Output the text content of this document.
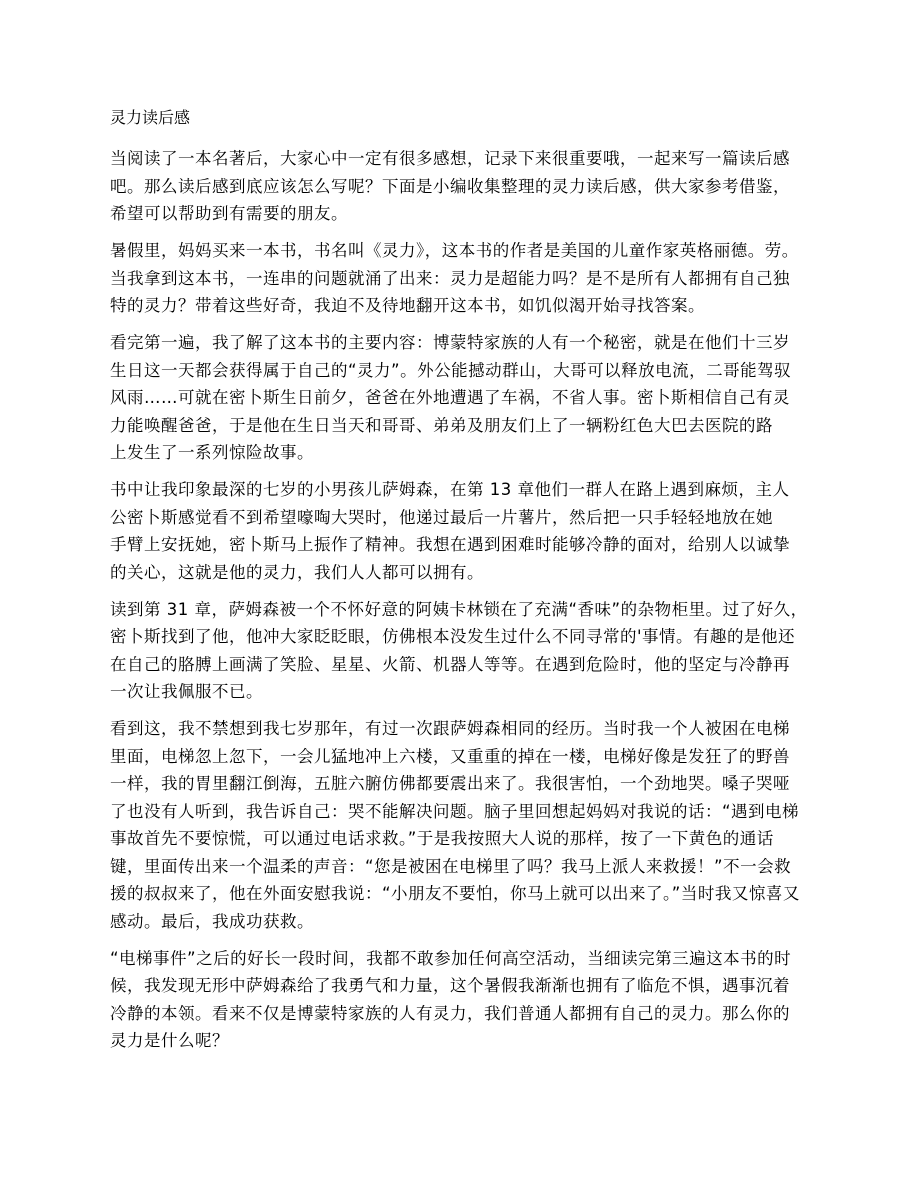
灵力读后感
当阅读了一本名著后，大家心中一定有很多感想，记录下来很重要哦，一起来写一篇读后感
吧。那么读后感到底应该怎么写呢？下面是小编收集整理的灵力读后感，供大家参考借鉴，
希望可以帮助到有需要的朋友。
暑假里，妈妈买来一本书，书名叫《灵力》，这本书的作者是美国的儿童作家英格丽德。劳。
当我拿到这本书，一连串的问题就涌了出来：灵力是超能力吗？是不是所有人都拥有自己独
特的灵力？带着这些好奇，我迫不及待地翻开这本书，如饥似渴开始寻找答案。
看完第一遍，我了解了这本书的主要内容：博蒙特家族的人有一个秘密，就是在他们十三岁
生日这一天都会获得属于自己的“灵力”。外公能撼动群山，大哥可以释放电流，二哥能驾驭
风雨……可就在密卜斯生日前夕，爸爸在外地遭遇了车祸，不省人事。密卜斯相信自己有灵
力能唤醒爸爸，于是他在生日当天和哥哥、弟弟及朋友们上了一辆粉红色大巴去医院的路
上发生了一系列惊险故事。
书中让我印象最深的七岁的小男孩儿萨姆森，在第 13 章他们一群人在路上遇到麻烦，主人
公密卜斯感觉看不到希望嚎啕大哭时，他递过最后一片薯片，然后把一只手轻轻地放在她
手臂上安抚她，密卜斯马上振作了精神。我想在遇到困难时能够冷静的面对，给别人以诚挚
的关心，这就是他的灵力，我们人人都可以拥有。
读到第 31 章，萨姆森被一个不怀好意的阿姨卡林锁在了充满“香味”的杂物柜里。过了好久，
密卜斯找到了他，他冲大家眨眨眼，仿佛根本没发生过什么不同寻常的'事情。有趣的是他还
在自己的胳膊上画满了笑脸、星星、火箭、机器人等等。在遇到危险时，他的坚定与冷静再
一次让我佩服不已。
看到这，我不禁想到我七岁那年，有过一次跟萨姆森相同的经历。当时我一个人被困在电梯
里面，电梯忽上忽下，一会儿猛地冲上六楼，又重重的掉在一楼，电梯好像是发狂了的野兽
一样，我的胃里翻江倒海，五脏六腑仿佛都要震出来了。我很害怕，一个劲地哭。嗓子哭哑
了也没有人听到，我告诉自己：哭不能解决问题。脑子里回想起妈妈对我说的话：“遇到电梯
事故首先不要惊慌，可以通过电话求救。”于是我按照大人说的那样，按了一下黄色的通话
键，里面传出来一个温柔的声音：“您是被困在电梯里了吗？我马上派人来救援！”不一会救
援的叔叔来了，他在外面安慰我说：“小朋友不要怕，你马上就可以出来了。”当时我又惊喜又
感动。最后，我成功获救。
“电梯事件”之后的好长一段时间，我都不敢参加任何高空活动，当细读完第三遍这本书的时
候，我发现无形中萨姆森给了我勇气和力量，这个暑假我渐渐也拥有了临危不惧，遇事沉着
冷静的本领。看来不仅是博蒙特家族的人有灵力，我们普通人都拥有自己的灵力。那么你的
灵力是什么呢？
